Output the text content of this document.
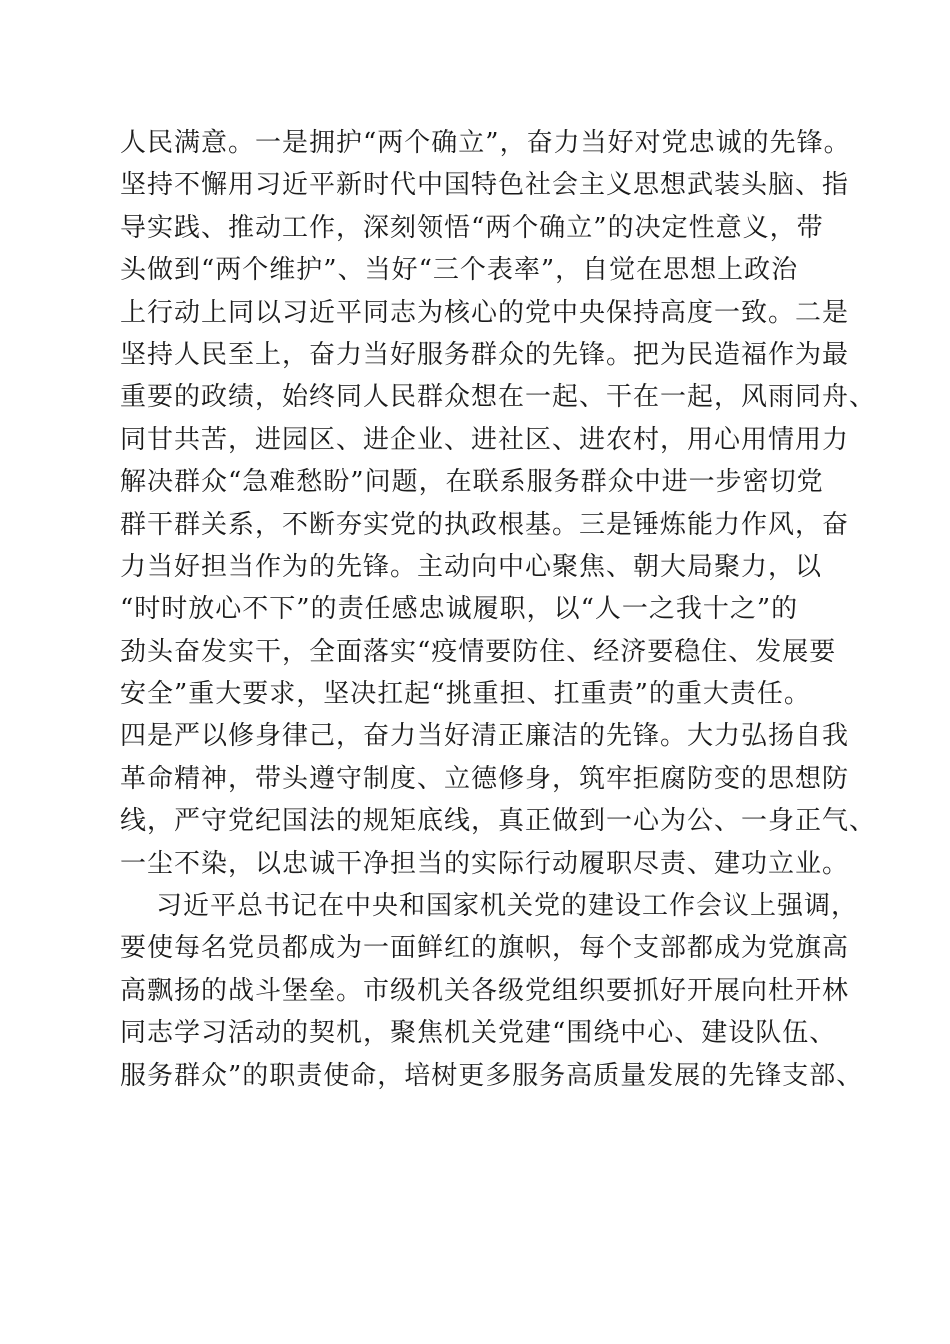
人民满意。一是拥护“两个确立”，奋力当好对党忠诚的先锋。
坚持不懈用习近平新时代中国特色社会主义思想武装头脑、指
导实践、推动工作，深刻领悟“两个确立”的决定性意义，带
头做到“两个维护”、当好“三个表率”，自觉在思想上政治
上行动上同以习近平同志为核心的党中央保持高度一致。二是
坚持人民至上，奋力当好服务群众的先锋。把为民造福作为最
重要的政绩，始终同人民群众想在一起、干在一起，风雨同舟、
同甘共苦，进园区、进企业、进社区、进农村，用心用情用力
解决群众“急难愁盼”问题，在联系服务群众中进一步密切党
群干群关系，不断夯实党的执政根基。三是锤炼能力作风，奋
力当好担当作为的先锋。主动向中心聚焦、朝大局聚力，以
“时时放心不下”的责任感忠诚履职，以“人一之我十之”的
劲头奋发实干，全面落实“疫情要防住、经济要稳住、发展要
安全”重大要求，坚决扛起“挑重担、扛重责”的重大责任。
四是严以修身律己，奋力当好清正廉洁的先锋。大力弘扬自我
革命精神，带头遵守制度、立德修身，筑牢拒腐防变的思想防
线，严守党纪国法的规矩底线，真正做到一心为公、一身正气、
一尘不染，以忠诚干净担当的实际行动履职尽责、建功立业。
习近平总书记在中央和国家机关党的建设工作会议上强调，
要使每名党员都成为一面鲜红的旗帜，每个支部都成为党旗高
高飘扬的战斗堡垒。市级机关各级党组织要抓好开展向杜开林
同志学习活动的契机，聚焦机关党建“围绕中心、建设队伍、
服务群众”的职责使命，培树更多服务高质量发展的先锋支部、
